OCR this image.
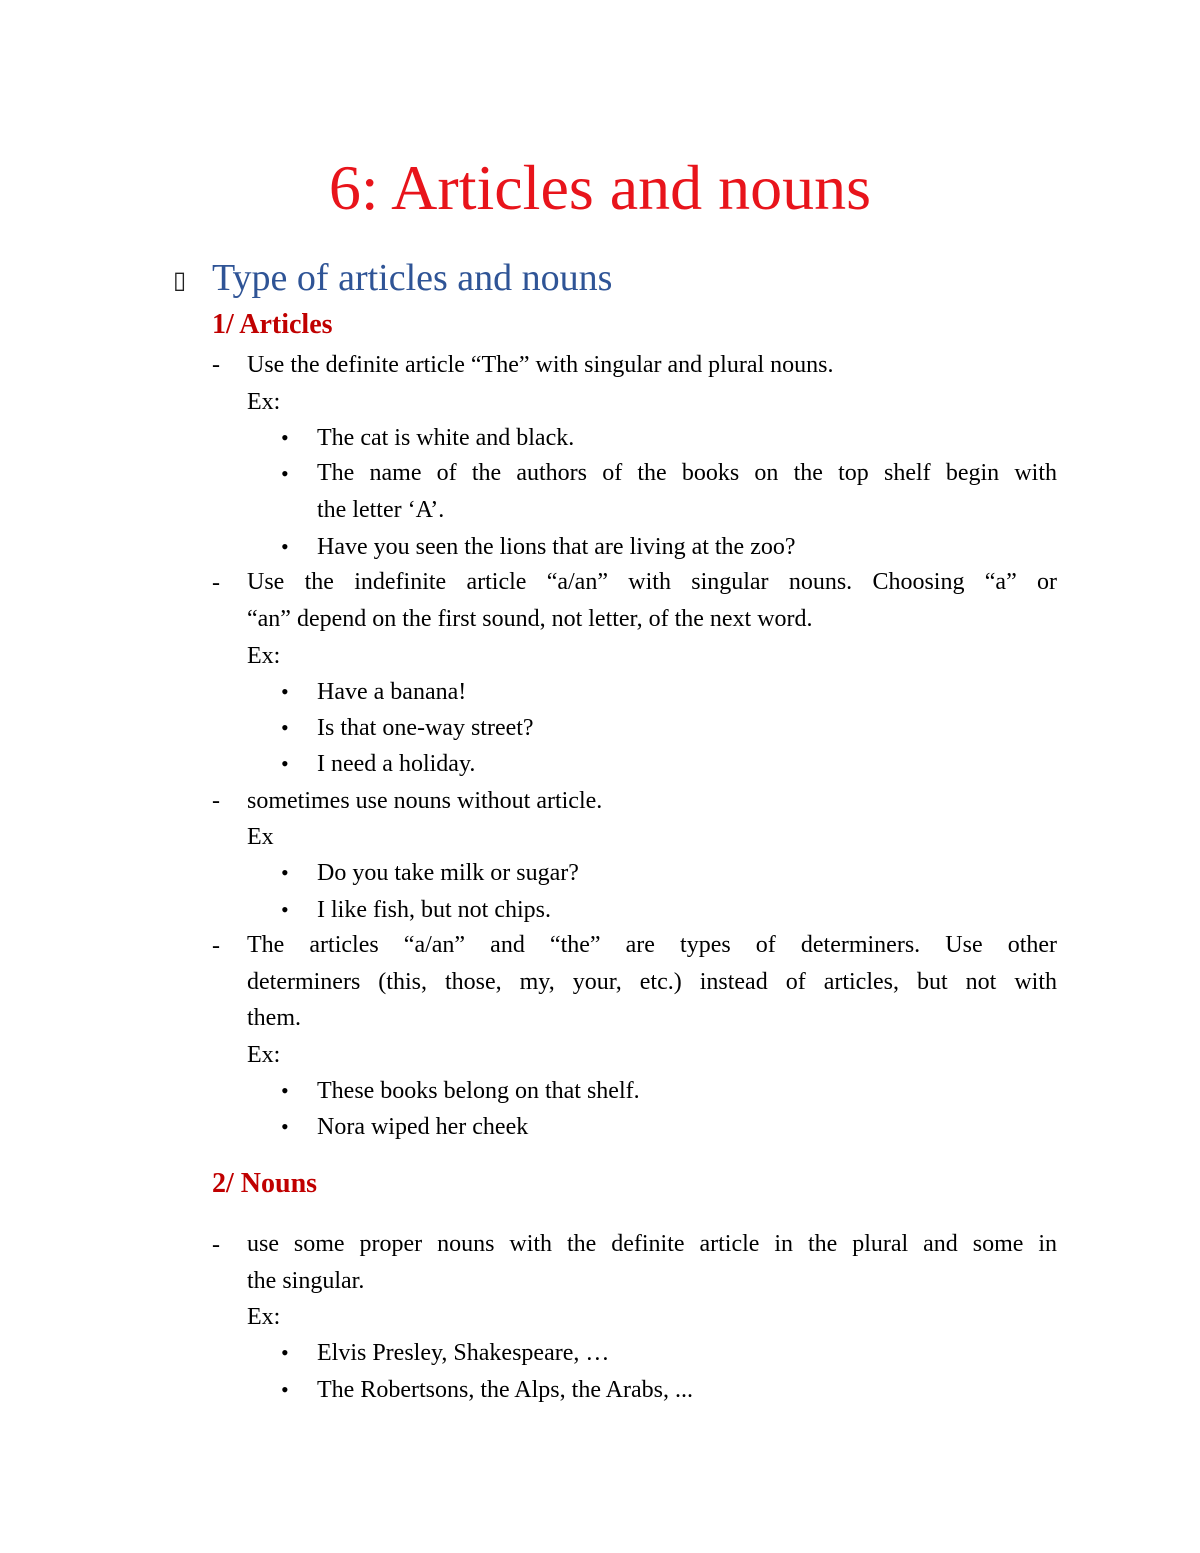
6: Articles and nouns
▯ Type of articles and nouns
1/ Articles
- Use the definite article “The” with singular and plural nouns.
Ex:
• The cat is white and black.
• The name of the authors of the books on the top shelf begin with
the letter ‘A’.
• Have you seen the lions that are living at the zoo?
- Use the indefinite article “a/an” with singular nouns. Choosing “a” or
“an” depend on the first sound, not letter, of the next word.
Ex:
• Have a banana!
• Is that one-way street?
• I need a holiday.
- sometimes use nouns without article.
Ex
• Do you take milk or sugar?
• I like fish, but not chips.
- The articles “a/an” and “the” are types of determiners. Use other
determiners (this, those, my, your, etc.) instead of articles, but not with
them.
Ex:
• These books belong on that shelf.
• Nora wiped her cheek
2/ Nouns
- use some proper nouns with the definite article in the plural and some in
the singular.
Ex:
• Elvis Presley, Shakespeare, …
• The Robertsons, the Alps, the Arabs, ...
